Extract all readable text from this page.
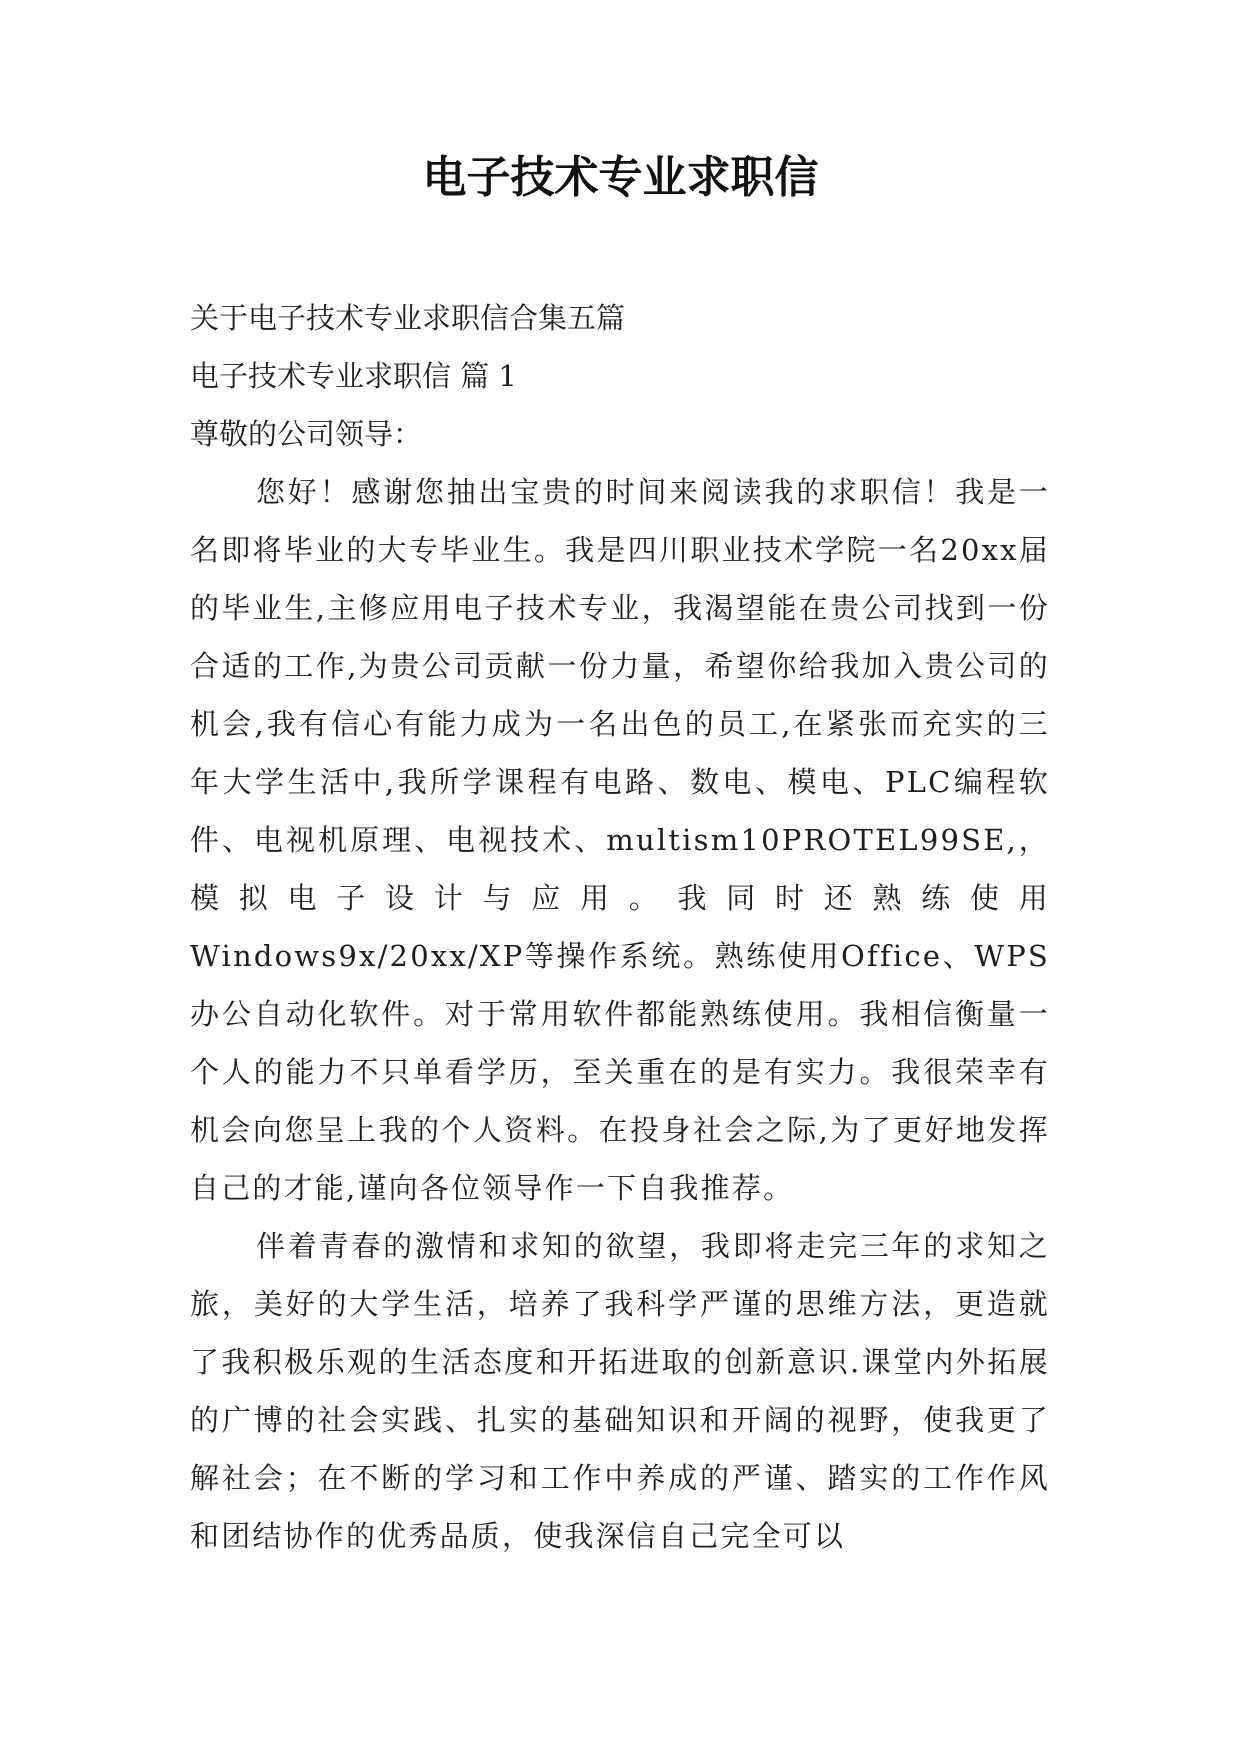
电子技术专业求职信
关于电子技术专业求职信合集五篇
电子技术专业求职信 篇 1
尊敬的公司领导：

您好！感谢您抽出宝贵的时间来阅读我的求职信！我是一名即将毕业的大专毕业生。我是四川职业技术学院一名20xx届的毕业生,主修应用电子技术专业，我渴望能在贵公司找到一份合适的工作,为贵公司贡献一份力量，希望你给我加入贵公司的机会,我有信心有能力成为一名出色的员工,在紧张而充实的三年大学生活中,我所学课程有电路、数电、模电、PLC编程软件、电视机原理、电视技术、multism10PROTEL99SE,，模拟电子设计与应用。我同时还熟练使用Windows9x/20xx/XP等操作系统。熟练使用Office、WPS办公自动化软件。对于常用软件都能熟练使用。我相信衡量一个人的能力不只单看学历，至关重在的是有实力。我很荣幸有机会向您呈上我的个人资料。在投身社会之际,为了更好地发挥自己的才能,谨向各位领导作一下自我推荐。

伴着青春的激情和求知的欲望，我即将走完三年的求知之旅，美好的大学生活，培养了我科学严谨的思维方法，更造就了我积极乐观的生活态度和开拓进取的创新意识.课堂内外拓展的广博的社会实践、扎实的基础知识和开阔的视野，使我更了解社会；在不断的学习和工作中养成的严谨、踏实的工作作风和团结协作的优秀品质，使我深信自己完全可以
